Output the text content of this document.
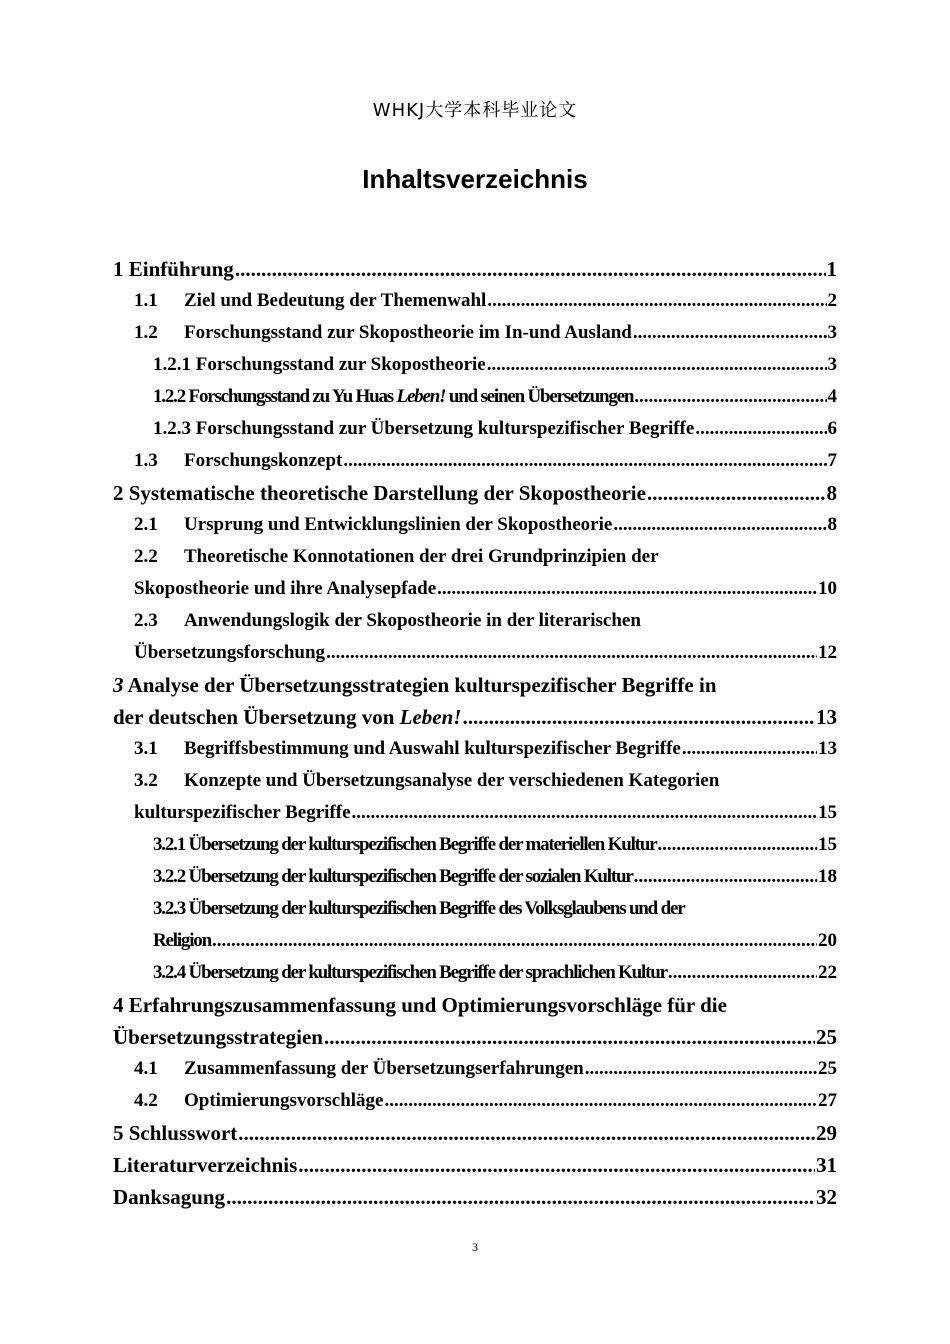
WHKJ大学本科毕业论文
Inhaltsverzeichnis
1 Einführung .....	1
1.1 Ziel und Bedeutung der Themenwahl .....	2
1.2 Forschungsstand zur Skopostheorie im In-und Ausland .....	3
1.2.1 Forschungsstand zur Skopostheorie .....	3
1.2.2 Forschungsstand zu Yu Huas Leben! und seinen Übersetzungen .....	4
1.2.3 Forschungsstand zur Übersetzung kulturspezifischer Begriffe .....	6
1.3 Forschungskonzept .....	7
2 Systematische theoretische Darstellung der Skopostheorie .....	8
2.1 Ursprung und Entwicklungslinien der Skopostheorie .....	8
2.2 Theoretische Konnotationen der drei Grundprinzipien der
Skopostheorie und ihre Analysepfade .....	10
2.3 Anwendungslogik der Skopostheorie in der literarischen
Übersetzungsforschung .....	12
3 Analyse der Übersetzungsstrategien kulturspezifischer Begriffe in
der deutschen Übersetzung von Leben! .....	13
3.1 Begriffsbestimmung und Auswahl kulturspezifischer Begriffe .....	13
3.2 Konzepte und Übersetzungsanalyse der verschiedenen Kategorien
kulturspezifischer Begriffe .....	15
3.2.1 Übersetzung der kulturspezifischen Begriffe der materiellen Kultur .....	15
3.2.2 Übersetzung der kulturspezifischen Begriffe der sozialen Kultur .....	18
3.2.3 Übersetzung der kulturspezifischen Begriffe des Volksglaubens und der
Religion .....	20
3.2.4 Übersetzung der kulturspezifischen Begriffe der sprachlichen Kultur .....	22
4 Erfahrungszusammenfassung und Optimierungsvorschläge für die
Übersetzungsstrategien .....	25
4.1 Zusammenfassung der Übersetzungserfahrungen .....	25
4.2 Optimierungsvorschläge .....	27
5 Schlusswort .....	29
Literaturverzeichnis .....	31
Danksagung .....	32
3
